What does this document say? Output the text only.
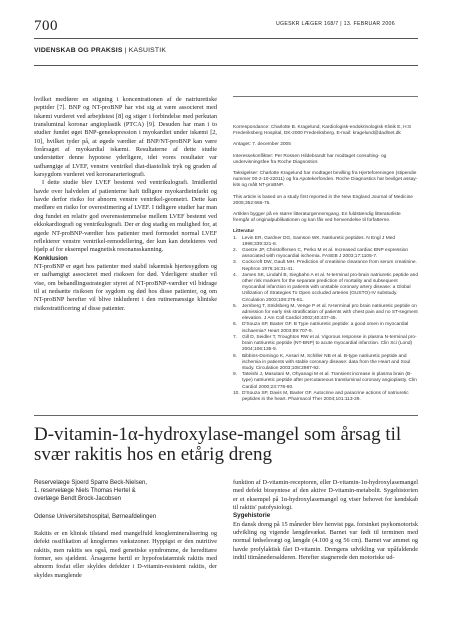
700	UGESKR LÆGER 168/7 | 13. FEBRUAR 2006
VIDENSKAB OG PRAKSIS | KASUISTIK

hvilket medfører en stigning i koncentrationen af de natriuretiske peptider [7]. BNP og NT-proBNP har vist sig at være associeret med iskæmi vurderet ved arbejdstest [8] og stiger i forbindelse med perkutan transluminal koronar angioplastik (PTCA) [9]. Desuden har man i to studier fundet øget BNP-genekspression i myokardiet under iskæmi [2, 10], hvilket tyder på, at øgede værdier af BNP/NT-proBNP kan være forårsaget af myokardial iskæmi. Resultaterne af dette studie understøtter denne hypotese yderligere, idet vores resultater var uafhængige af LVEF, venstre ventrikel diat-diastolisk tryk og graden af karsygdom vurderet ved koronararteriografi.

I dette studie blev LVEF bestemt ved ventrikulografi. Imidlertid havde over halvdelen af patienterne haft tidligere myokardieinfarkt og havde derfor risiko for abnorm venstre ventrikel-geometri. Dette kan medføre en risiko for overestimering af LVEF. I tidligere studier har man dog fundet en relativ god overensstemmelse mellem LVEF bestemt ved ekkokardiografi og ventrikulografi. Der er dog stadig en mulighed for, at øgede NT-proBNP-værdier hos patienter med formodet normal LVEF reflekterer venstre ventrikel-remodellering, der kun kan detekteres ved hjælp af for eksempel magnetisk resonansskanning.

Konklusion

NT-proBNP er øget hos patienter med stabil iskæmisk hjertesygdom og er uafhængigt associeret med risikoen for død. Yderligere studier vil vise, om behandlingsstrategier styret af NT-proBNP-værdier vil bidrage til at nedsætte risikoen for sygdom og død hos disse patienter, og om NT-proBNP herefter vil blive inkluderet i den rutinemæssige kliniske risikostratificering af disse patienter.

Korrespondance: Charlotte B. Kragelund, Kardiologisk-endokrinologisk Klinik E, H:S Frederiksberg Hospital, DK-2000 Frederiksberg. E-mail: kragelund@dadlnet.dk

Antaget: 7. december 2005

Interessekonflikter: Per Rossen Hildebrandt har modtaget consulting- og undervisningsfee fra Roche Diagnostics

Taksigelser: Charlotte Kragelund har modtaget bevilling fra Hjerteforeningen (stipendie nummer 00-2-10-22011) og fra Apotekerfonden. Roche Diagnostics har bevilget assay-kits og målt NT-proBNP.

This article is based on a study first reported in the New England Journal of Medicine 2005;352:666-75.

Artiklen bygger på en større litteraturgennemgang. En fuldstændig litteraturliste fremgår af originalpublikationen og kan fås ved henvendelse til forfatterne.

Litteratur

1. Levin ER, Gardner DG, Samson WK. Natriuretic peptides. N Engl J Med 1998;339:321-8.
2. Goetze JP, Christoffersen C, Perko M et al. Increased cardiac BNP expression associated with myocardial ischemia. FASEB J 2003;17:1105-7.
3. Cockcroft DW, Gault MH. Prediction of creatinine clearance from serum creatinine. Nephron 1976;16:31-41.
4. James SK, Lindahl B, Siegbahn A et al. N-terminal pro-brain natriuretic peptide and other risk markers for the separate prediction of mortality and subsequent myocardial infarction in patients with unstable coronary artery disease: a Global Utilization of Strategies To Open occluded arteries (GUSTO)-IV substudy. Circulation 2003;108:275-81.
5. Jernberg T, Stridsberg M, Venge P et al. N-terminal pro brain natriuretic peptide on admission for early risk stratification of patients with chest pain and no ST-segment elevation. J Am Coll Cardiol 2002;40:437-45.
6. D'Souza SP, Baxter GF. B Type natriuretic peptide: a good omen in myocardial ischaemia? Heart 2003;89:707-9.
7. Gill D, Seidler T, Troughton RW et al. Vigorous response in plasma N-terminal pro-brain natriuretic peptide (NT-BNP) to acute myocardial infarction. Clin Sci (Lond) 2004;106:135-9.
8. Bibbins-Domingo K, Ansari M, Schiller NB et al. B-type natriuretic peptide and ischemia in patients with stable coronary disease: data from the Heart and Soul study. Circulation 2003;108:2987-92.
9. Tateishi J, Masutani M, Ohyanagi M et al. Transient increase in plasma brain (B-type) natriuretic peptide after percutaneous transluminal coronary angioplasty. Clin Cardiol 2000;23:776-80.
10. D'Souza SP, Davis M, Baxter GF. Autocrine and paracrine actions of natriuretic peptides in the heart. Pharmacol Ther 2004;101:113-29.
D-vitamin-1α-hydroxylase-mangel som årsag til svær rakitis hos en etårig dreng
Reservelæge Sjoerd Sparre Beck-Nielsen,
1. reservelæge Niels Thomas Hertel &
overlæge Bendt Brock-Jacobsen
Odense Universitetshospital, Børneafdelingen

Rakitis er en klinisk tilstand med mangelfuld knoglemineralisering og defekt ossifikation af knoglernes vækstzoner. Hyppigst er den nutritive rakitis, men rakitis ses også, med genetiske syndromme, de hereditære former, ses sjældent. Årsagerne hertil er hypofosfatæmisk rakitis med abnorm fosfat eller skyldes defekter i D-vitamin-resistent rakitis, der skyldes manglende

funktion af D-vitamin-receptoren, eller D-vitamin-1α-hydroxylasemangel med defekt biosyntese af den aktive D-vitamin-metabolit. Sygehistorien er et eksempel på 1α-hydroxylasemangel og viser behovet for kendskab til rakitis' patofysiologi.

Sygehistorie

En dansk dreng på 15 måneder blev henvist pga. forsinket psykomotorisk udvikling og vigende længdevækst. Barnet var født til terminen med normal fødselsvægt og længde (4.100 g og 56 cm). Barnet var ammet og havde profylaktisk fået D-vitamin. Drengens udvikling var upåfaldende indtil tiimånedersalderen. Herefter stagnerede den motoriske ud-
